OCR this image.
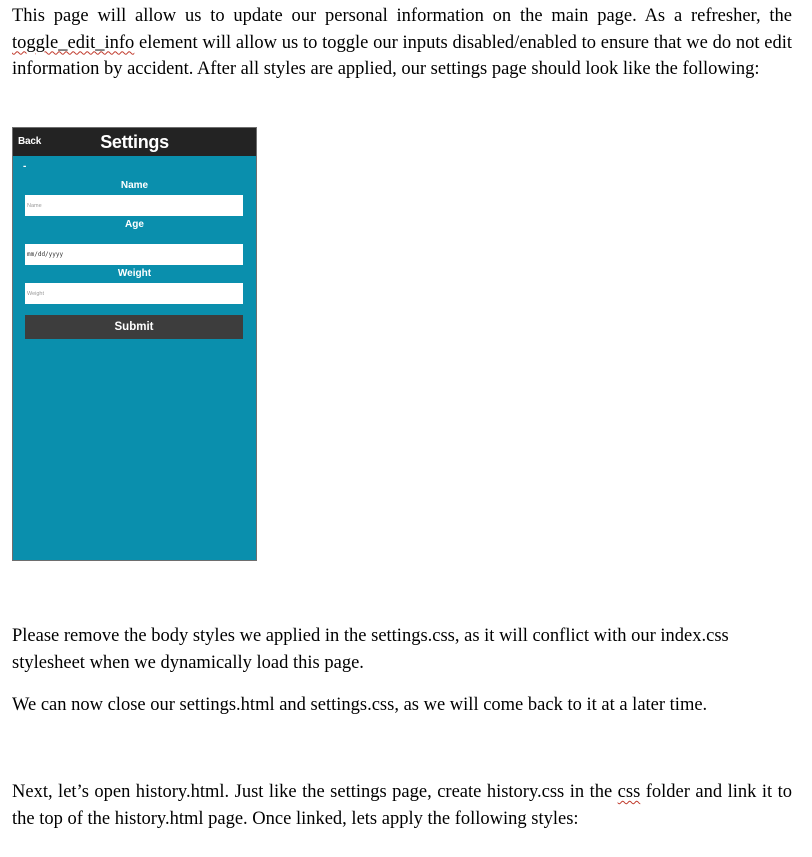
This page will allow us to update our personal information on the main page. As a refresher, the toggle_edit_info element will allow us to toggle our inputs disabled/enabled to ensure that we do not edit information by accident. After all styles are applied, our settings page should look like the following:

Back	Settings
-
Name
Name
Age
mm/dd/yyyy
Weight
Weight
Submit

Please remove the body styles we applied in the settings.css, as it will conflict with our index.css stylesheet when we dynamically load this page.

We can now close our settings.html and settings.css, as we will come back to it at a later time.

Next, let’s open history.html. Just like the settings page, create history.css in the css folder and link it to the top of the history.html page. Once linked, lets apply the following styles:
